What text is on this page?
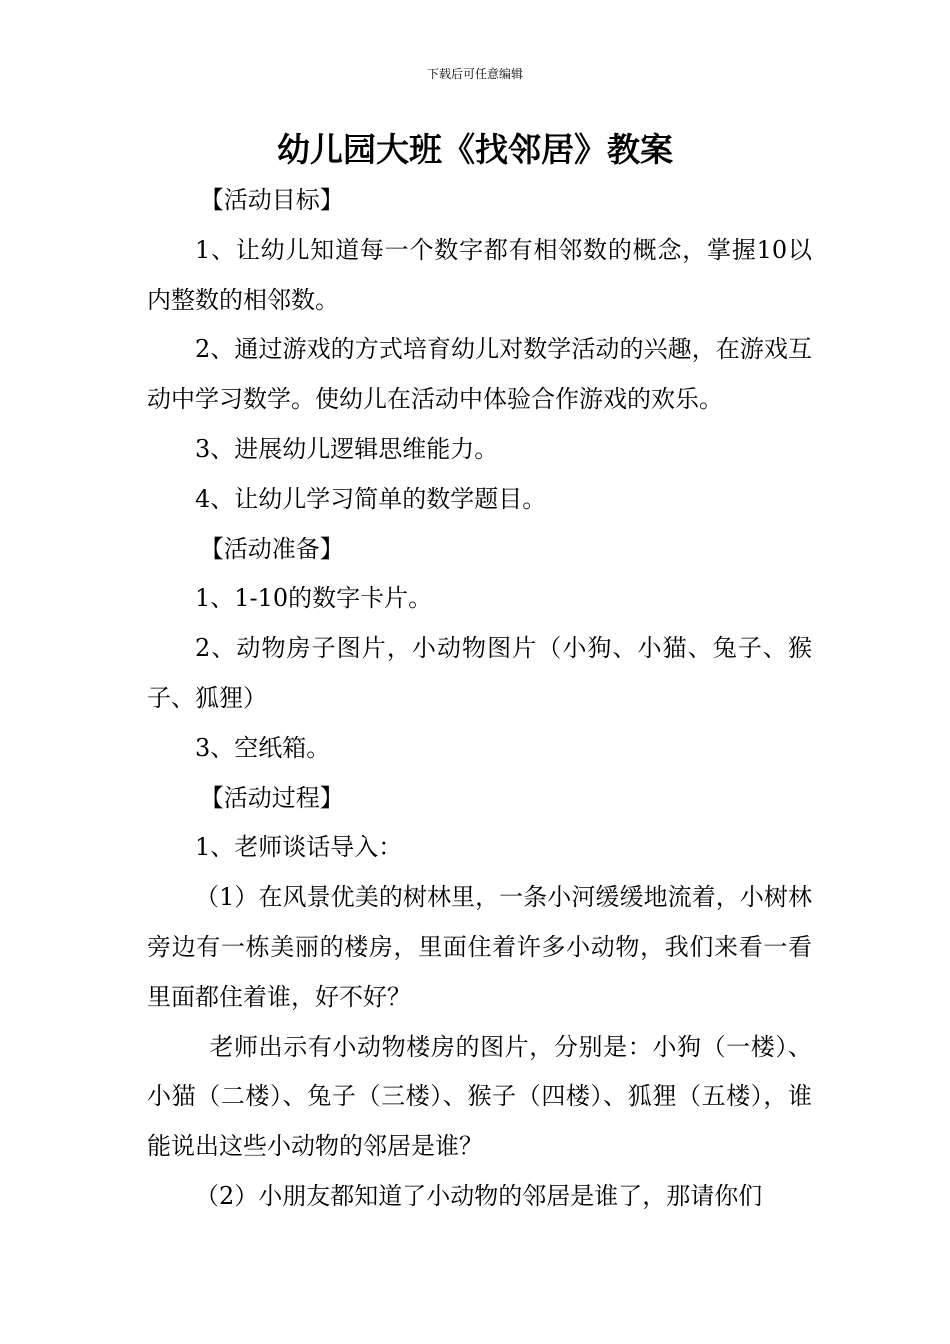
下载后可任意编辑
幼儿园大班《找邻居》教案

【活动目标】

1、让幼儿知道每一个数字都有相邻数的概念，掌握10以内整数的相邻数。

2、通过游戏的方式培育幼儿对数学活动的兴趣，在游戏互动中学习数学。使幼儿在活动中体验合作游戏的欢乐。

3、进展幼儿逻辑思维能力。

4、让幼儿学习简单的数学题目。

【活动准备】

1、1-10的数字卡片。

2、动物房子图片，小动物图片（小狗、小猫、兔子、猴子、狐狸）

3、空纸箱。

【活动过程】

1、老师谈话导入：

（1）在风景优美的树林里，一条小河缓缓地流着，小树林旁边有一栋美丽的楼房，里面住着许多小动物，我们来看一看里面都住着谁，好不好？

老师出示有小动物楼房的图片，分别是：小狗（一楼）、小猫（二楼）、兔子（三楼）、猴子（四楼）、狐狸（五楼），谁能说出这些小动物的邻居是谁？

（2）小朋友都知道了小动物的邻居是谁了，那请你们
